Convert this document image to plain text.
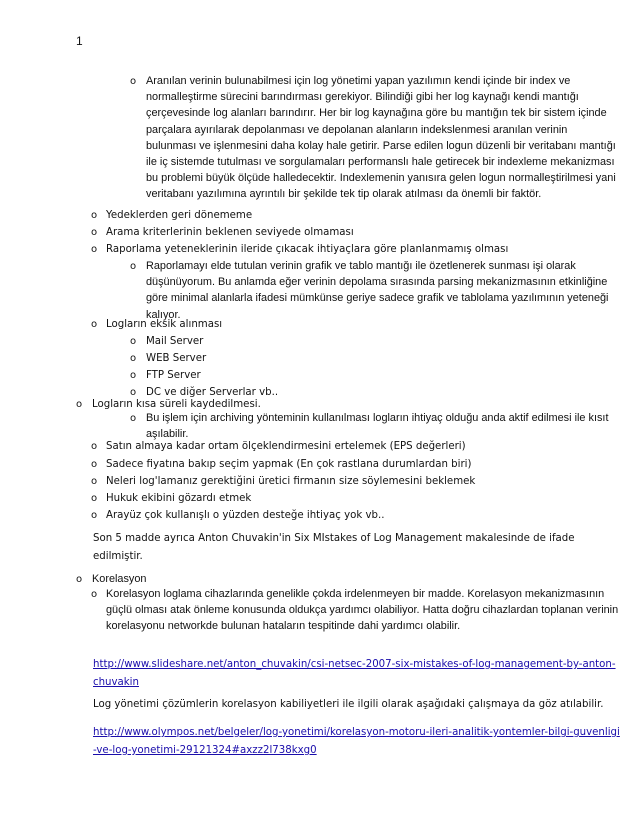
1
o Aranılan verinin bulunabilmesi için log yönetimi yapan yazılımın kendi içinde bir index ve normalleştirme sürecini barındırması gerekiyor. Bilindiği gibi her log kaynağı kendi mantığı çerçevesinde log alanları barındırır. Her bir log kaynağına göre bu mantığın tek bir sistem içinde parçalara ayırılarak depolanması ve depolanan alanların indekslenmesi aranılan verinin bulunması ve işlenmesini daha kolay hale getirir. Parse edilen logun düzenli bir veritabanı mantığı ile iç sistemde tutulması ve sorgulamaları performanslı hale getirecek bir indexleme mekanizması bu problemi büyük ölçüde halledecektir. Indexlemenin yanısıra gelen logun normalleştirilmesi yani veritabanı yazılımına ayrıntılı bir şekilde tek tip olarak atılması da önemli bir faktör.
o Yedeklerden geri dönememe
o Arama kriterlerinin beklenen seviyede olmaması
o Raporlama yeteneklerinin ileride çıkacak ihtiyaçlara göre planlanmamış olması
o Raporlamayı elde tutulan verinin grafik ve tablo mantığı ile özetlenerek sunması işi olarak düşünüyorum. Bu anlamda eğer verinin depolama sırasında parsing mekanizmasının etkinliğine göre minimal alanlarla ifadesi mümkünse geriye sadece grafik ve tablolama yazılımının yeteneği kalıyor.
o Logların eksik alınması
o Mail Server
o WEB Server
o FTP Server
o DC ve diğer Serverlar vb..
o Logların kısa süreli kaydedilmesi.
o Bu işlem için archiving yönteminin kullanılması logların ihtiyaç olduğu anda aktif edilmesi ile kısıt aşılabilir.
o Satın almaya kadar ortam ölçeklendirmesini ertelemek (EPS değerleri)
o Sadece fiyatına bakıp seçim yapmak (En çok rastlana durumlardan biri)
o Neleri log'lamanız gerektiğini üretici firmanın size söylemesini beklemek
o Hukuk ekibini gözardı etmek
o Arayüz çok kullanışlı o yüzden desteğe ihtiyaç yok vb..
Son 5 madde ayrıca Anton Chuvakin'in Six MIstakes of Log Management makalesinde de ifade edilmiştir.
o Korelasyon
o Korelasyon loglama cihazlarında genelikle çokda irdelenmeyen bir madde. Korelasyon mekanizmasının güçlü olması atak önleme konusunda oldukça yardımcı olabiliyor. Hatta doğru cihazlardan toplanan verinin korelasyonu networkde bulunan hataların tespitinde dahi yardımcı olabilir.
http://www.slideshare.net/anton_chuvakin/csi-netsec-2007-six-mistakes-of-log-management-by-anton-chuvakin
Log yönetimi çözümlerin korelasyon kabiliyetleri ile ilgili olarak aşağıdaki çalışmaya da göz atılabilir.
http://www.olympos.net/belgeler/log-yonetimi/korelasyon-motoru-ileri-analitik-yontemler-bilgi-guvenligi-ve-log-yonetimi-29121324#axzz2l738kxg0
